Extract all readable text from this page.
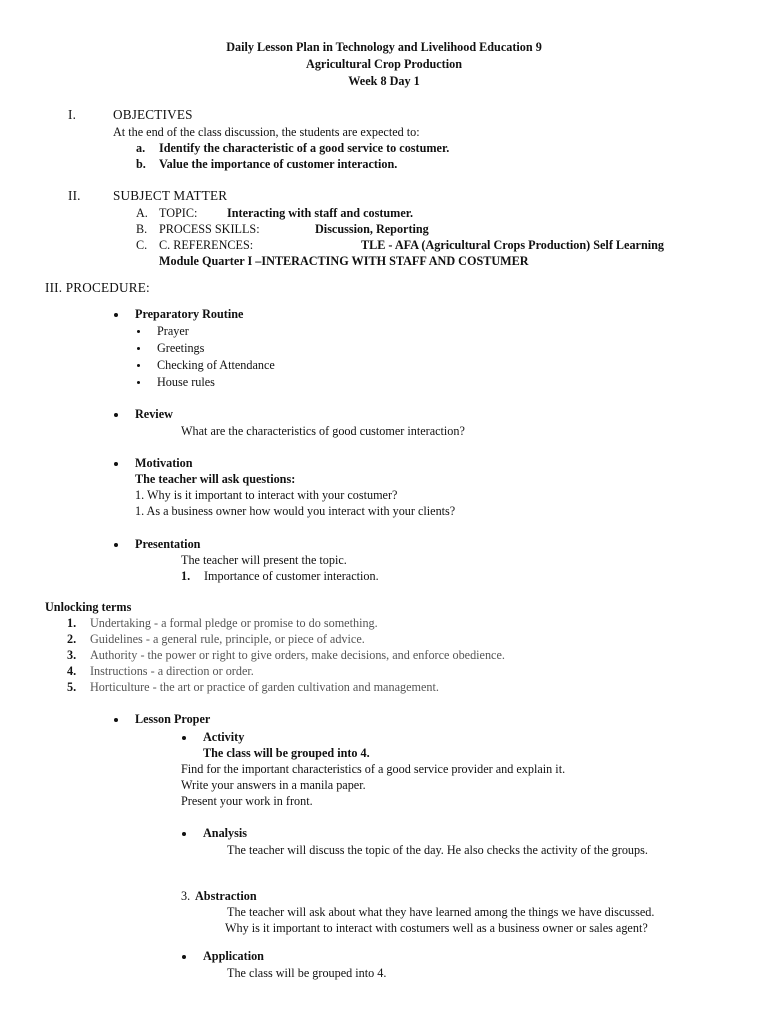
Daily Lesson Plan in Technology and Livelihood Education 9
Agricultural Crop Production
Week 8 Day 1
I.	OBJECTIVES
At the end of the class discussion, the students are expected to:
a. Identify the characteristic of a good service to costumer.
b. Value the importance of customer interaction.
II. SUBJECT MATTER
A. TOPIC: Interacting with staff and costumer.
B. PROCESS SKILLS:	Discussion, Reporting
C. C. REFERENCES:	TLE - AFA (Agricultural Crops Production) Self Learning
Module Quarter I –INTERACTING WITH STAFF AND COSTUMER
III. PROCEDURE:
Preparatory Routine
Prayer
Greetings
Checking of Attendance
House rules
Review
What are the characteristics of good customer interaction?
Motivation
The teacher will ask questions:
1. Why is it important to interact with your costumer?
1. As a business owner how would you interact with your clients?
Presentation
The teacher will present the topic.
1. Importance of customer interaction.
Unlocking terms
1. Undertaking - a formal pledge or promise to do something.
2. Guidelines - a general rule, principle, or piece of advice.
3. Authority - the power or right to give orders, make decisions, and enforce obedience.
4. Instructions - a direction or order.
5. Horticulture - the art or practice of garden cultivation and management.
Lesson Proper
Activity
The class will be grouped into 4.
Find for the important characteristics of a good service provider and explain it.
Write your answers in a manila paper.
Present your work in front.
Analysis
The teacher will discuss the topic of the day. He also checks the activity of the groups.
3. Abstraction
The teacher will ask about what they have learned among the things we have discussed.
Why is it important to interact with costumers well as a business owner or sales agent?
Application
The class will be grouped into 4.
